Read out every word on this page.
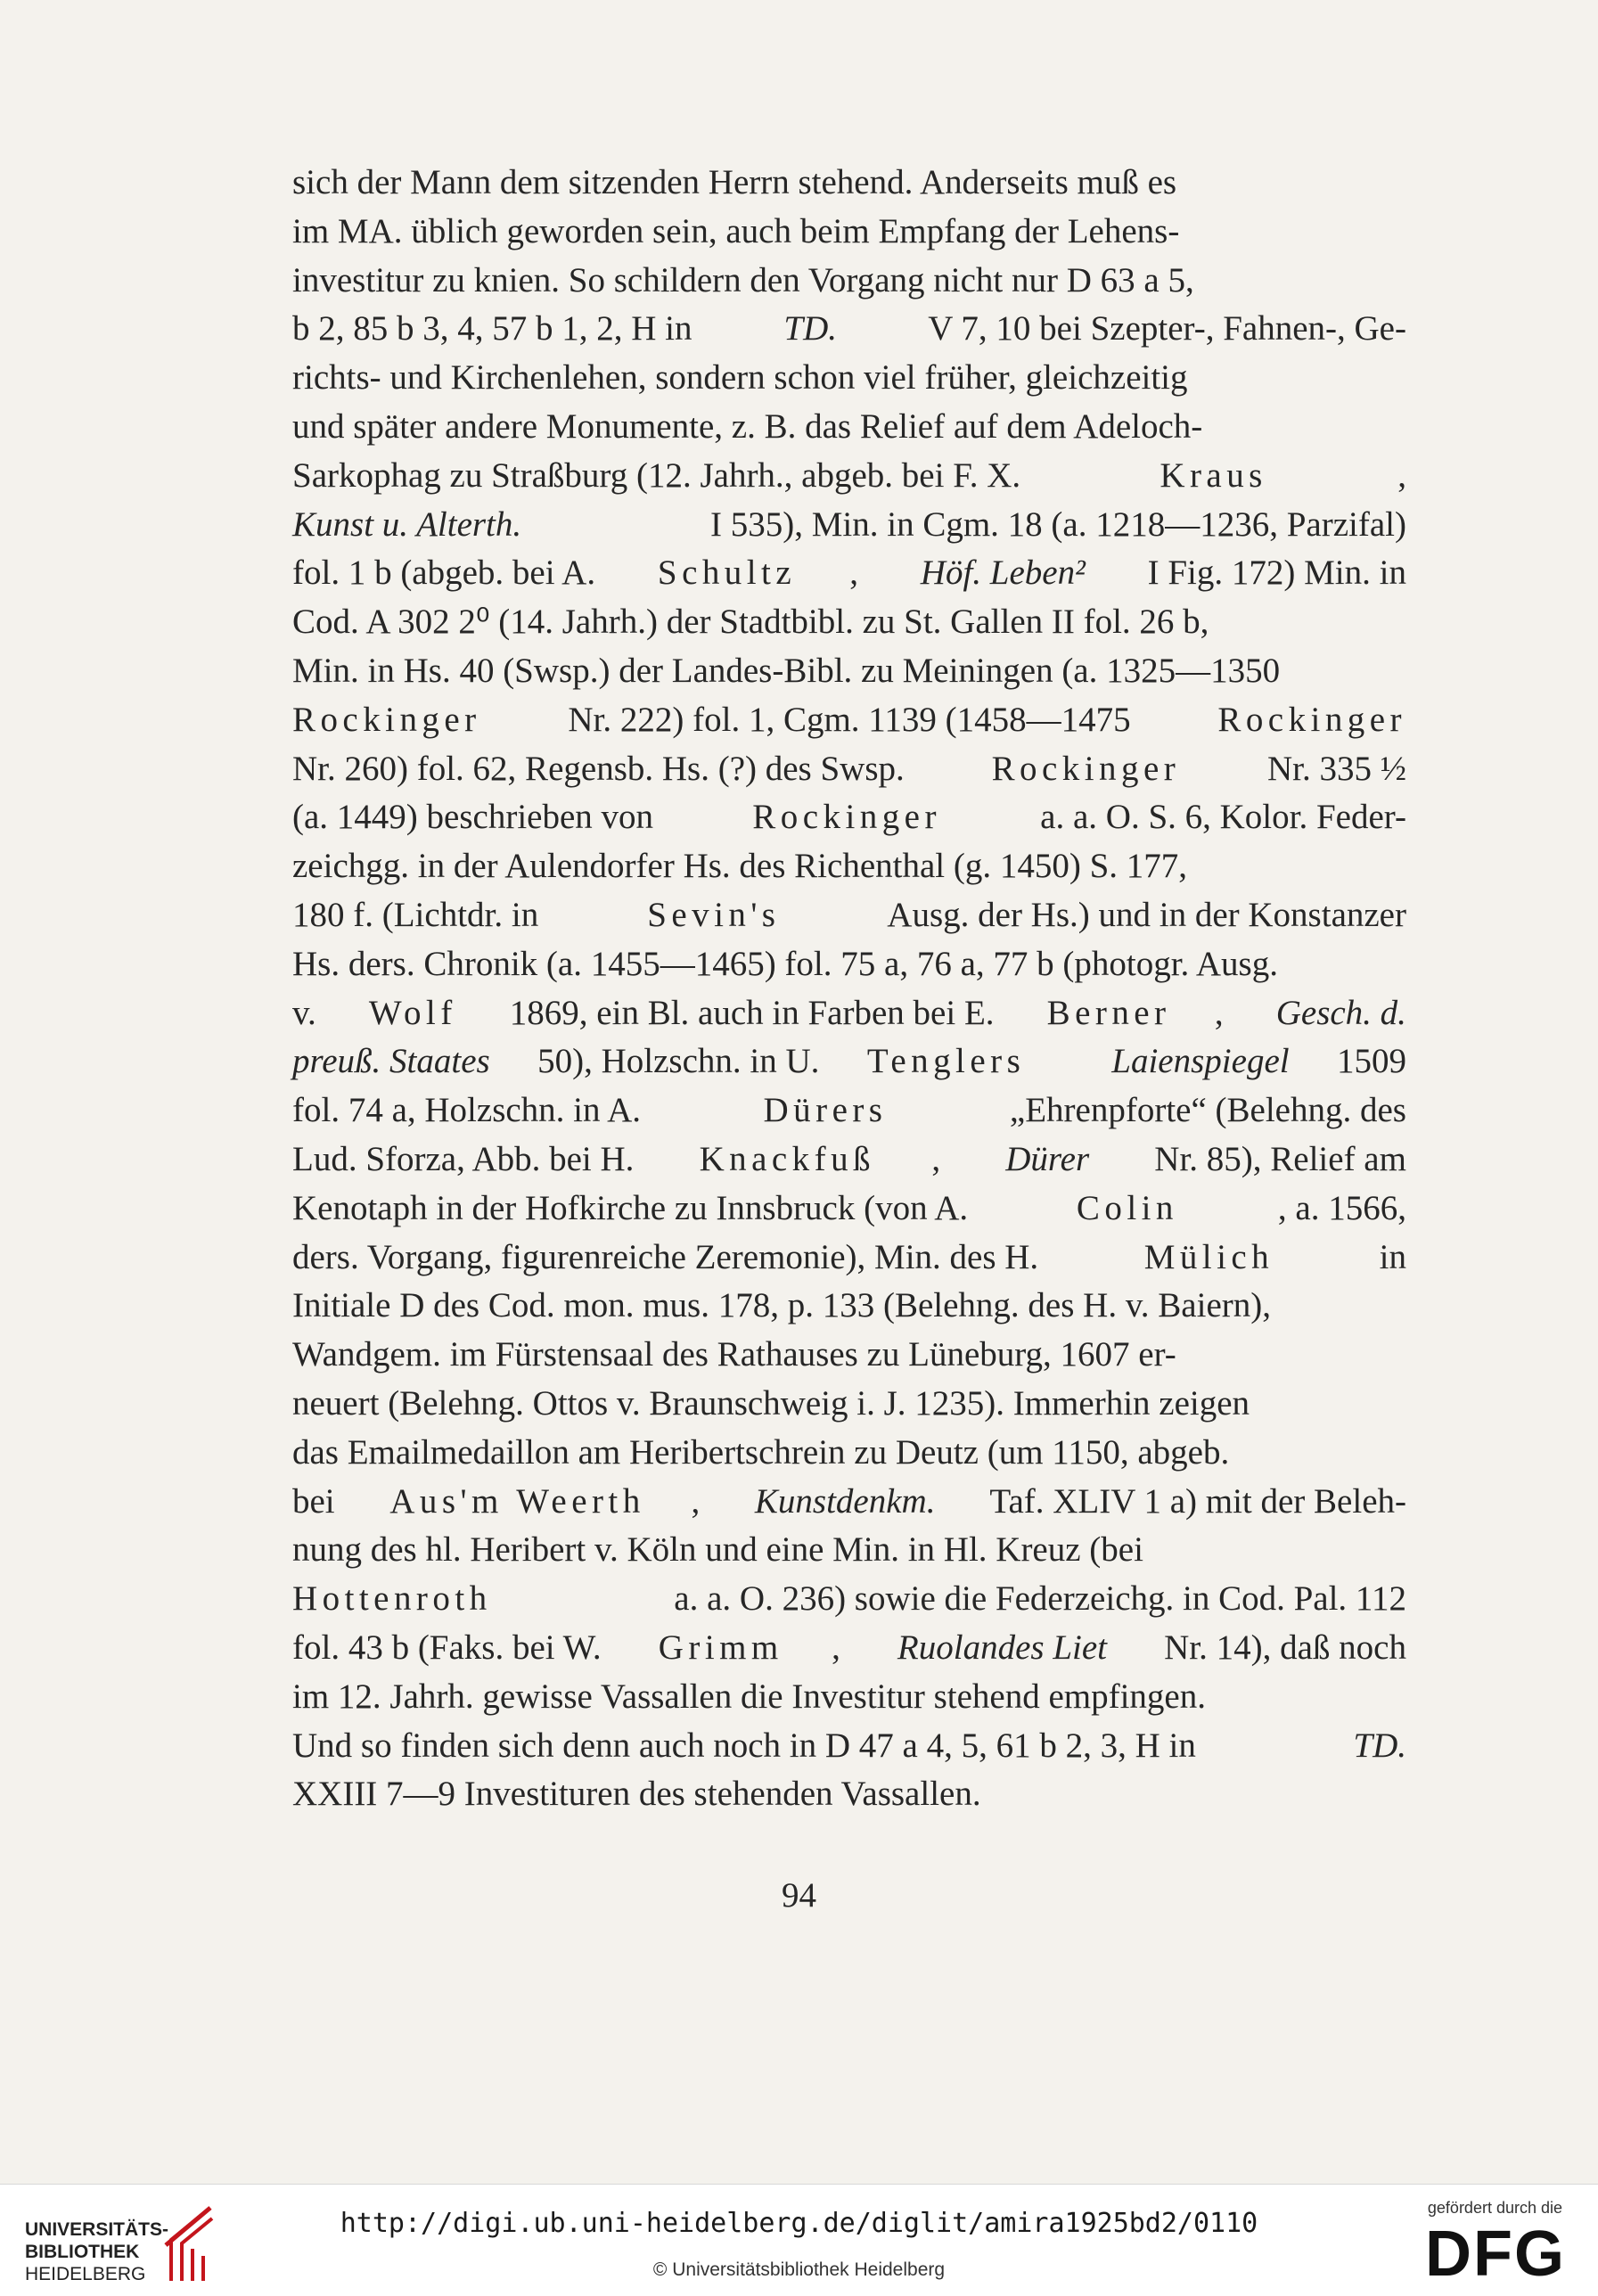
sich der Mann dem sitzenden Herrn stehend. Anderseits muß es
im MA. üblich geworden sein, auch beim Empfang der Lehens-
investitur zu knien. So schildern den Vorgang nicht nur D 63 a 5,
b 2, 85 b 3, 4, 57 b 1, 2, H in TD. V 7, 10 bei Szepter-, Fahnen-, Ge-
richts- und Kirchenlehen, sondern schon viel früher, gleichzeitig
und später andere Monumente, z. B. das Relief auf dem Adeloch-
Sarkophag zu Straßburg (12. Jahrh., abgeb. bei F. X.	Kraus	,
Kunst u. Alterth.	I 535), Min. in Cgm. 18 (a. 1218—1236, Parzifal)
fol. 1 b (abgeb. bei A. Schultz , Höf. Leben² I Fig. 172) Min. in
Cod. A 302 2⁰ (14. Jahrh.) der Stadtbibl. zu St. Gallen II fol. 26 b,
Min. in Hs. 40 (Swsp.) der Landes-Bibl. zu Meiningen (a. 1325—1350
Rockinger Nr. 222) fol. 1, Cgm. 1139 (1458—1475 Rockinger
Nr. 260) fol. 62, Regensb. Hs. (?) des Swsp. Rockinger Nr. 335 ½
(a. 1449) beschrieben von	Rockinger	a. a. O. S. 6, Kolor. Feder-
zeichgg. in der Aulendorfer Hs. des Richenthal (g. 1450) S. 177,
180 f. (Lichtdr. in	Sevin's	Ausg. der Hs.) und in der Konstanzer
Hs. ders. Chronik (a. 1455—1465) fol. 75 a, 76 a, 77 b (photogr. Ausg.
v. Wolf 1869, ein Bl. auch in Farben bei E. Berner , Gesch. d.
preuß. Staates 50), Holzschn. in U. Tenglers
Laienspiegel 1509
fol. 74 a, Holzschn. in A.	Dürers	„Ehrenpforte“ (Belehng. des
Lud. Sforza, Abb. bei H. Knackfuß , Dürer Nr. 85), Relief am
Kenotaph in der Hofkirche zu Innsbruck (von A.	Colin	, a. 1566,
ders. Vorgang, figurenreiche Zeremonie), Min. des H.	Mülich	in
Initiale D des Cod. mon. mus. 178, p. 133 (Belehng. des H. v. Baiern),
Wandgem. im Fürstensaal des Rathauses zu Lüneburg, 1607 er-
neuert (Belehng. Ottos v. Braunschweig i. J. 1235). Immerhin zeigen
das Emailmedaillon am Heribertschrein zu Deutz (um 1150, abgeb.
bei Aus'm Weerth , Kunstdenkm. Taf. XLIV 1 a) mit der Beleh-
nung des hl. Heribert v. Köln und eine Min. in Hl. Kreuz (bei
Hottenroth	a. a. O. 236) sowie die Federzeichg. in Cod. Pal. 112
fol. 43 b (Faks. bei W. Grimm , Ruolandes Liet Nr. 14), daß noch
im 12. Jahrh. gewisse Vassallen die Investitur stehend empfingen.
Und so finden sich denn auch noch in D 47 a 4, 5, 61 b 2, 3, H in	TD.
XXIII 7—9 Investituren des stehenden Vassallen.
94
UNIVERSITÄTS-
BIBLIOTHEK
HEIDELBERG
http://digi.ub.uni-heidelberg.de/diglit/amira1925bd2/0110
© Universitätsbibliothek Heidelberg
gefördert durch die
DFG
